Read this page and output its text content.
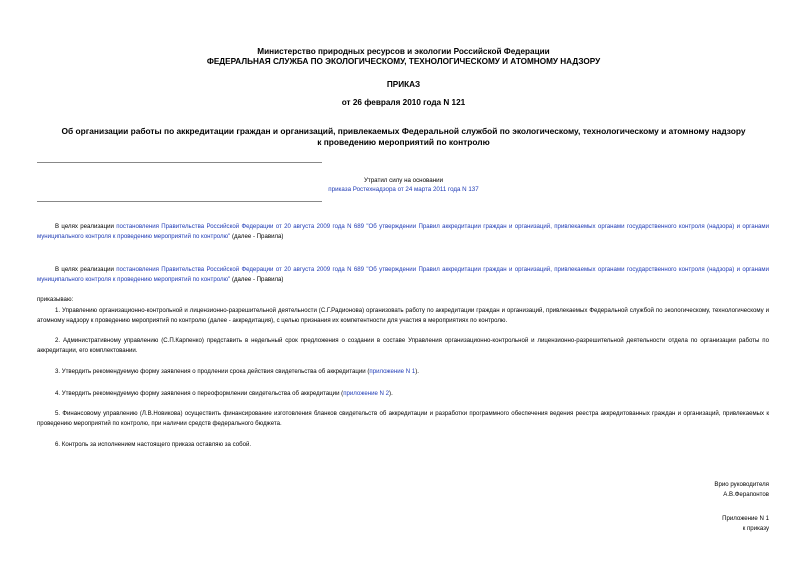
Министерство природных ресурсов и экологии Российской Федерации
ФЕДЕРАЛЬНАЯ СЛУЖБА ПО ЭКОЛОГИЧЕСКОМУ, ТЕХНОЛОГИЧЕСКОМУ И АТОМНОМУ НАДЗОРУ
ПРИКАЗ
от 26 февраля 2010 года N 121
Об организации работы по аккредитации граждан и организаций, привлекаемых Федеральной службой по экологическому, технологическому и атомному надзору
к проведению мероприятий по контролю
Утратил силу на основании
приказа Ростехнадзора от 24 марта 2011 года N 137
В целях реализации постановления Правительства Российской Федерации от 20 августа 2009 года N 689 "Об утверждении Правил аккредитации граждан и организаций, привлекаемых органами государственного контроля (надзора) и органами муниципального контроля к проведению мероприятий по контролю" (далее - Правила)
В целях реализации постановления Правительства Российской Федерации от 20 августа 2009 года N 689 "Об утверждении Правил аккредитации граждан и организаций, привлекаемых органами государственного контроля (надзора) и органами муниципального контроля к проведению мероприятий по контролю" (далее - Правила)
приказываю:
1. Управлению организационно-контрольной и лицензионно-разрешительной деятельности (С.Г.Радионова) организовать работу по аккредитации граждан и организаций, привлекаемых Федеральной службой по экологическому, технологическому и атомному надзору к проведению мероприятий по контролю (далее - аккредитация), с целью признания их компетентности для участия в мероприятиях по контролю.
2. Административному управлению (С.П.Карпенко) представить в недельный срок предложения о создании в составе Управления организационно-контрольной и лицензионно-разрешительной деятельности отдела по организации работы по аккредитации, его комплектовании.
3. Утвердить рекомендуемую форму заявления о продлении срока действия свидетельства об аккредитации (приложение N 1).
4. Утвердить рекомендуемую форму заявления о переоформлении свидетельства об аккредитации (приложение N 2).
5. Финансовому управлению (Л.В.Новикова) осуществить финансирование изготовления бланков свидетельств об аккредитации и разработки программного обеспечения ведения реестра аккредитованных граждан и организаций, привлекаемых к проведению мероприятий по контролю, при наличии средств федерального бюджета.
6. Контроль за исполнением настоящего приказа оставляю за собой.
Врио руководителя
А.В.Ферапонтов
Приложение N 1
к приказу
